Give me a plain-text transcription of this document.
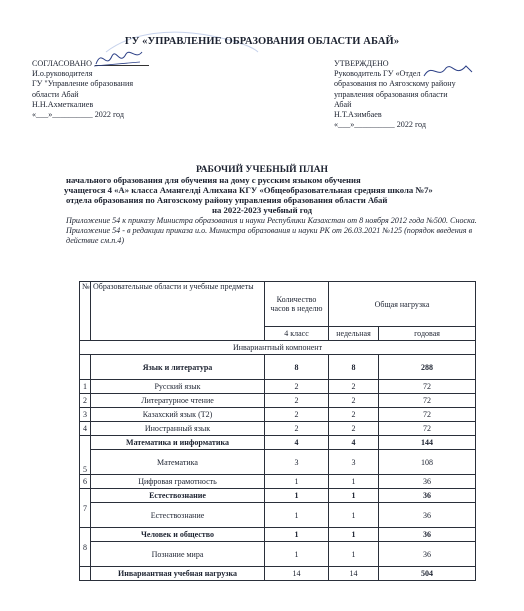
ГУ «УПРАВЛЕНИЕ ОБРАЗОВАНИЯ ОБЛАСТИ АБАЙ»
СОГЛАСОВАНО
И.о.руководителя
ГУ "Управление образования
области Абай
Н.Н.Ахметкалиев
«___»__________ 2022 год
УТВЕРЖДЕНО
Руководитель ГУ «Отдел
образования по Аягозскому району
управления образования области
Абай
Н.Т.Азимбаев
«___»__________ 2022 год
РАБОЧИЙ УЧЕБНЫЙ ПЛАН
начального образования для обучения на дому с русским языком обучения
учащегося 4 «А» класса Амангелді Алихана КГУ «Общеобразовательная средняя школа №7»
отдела образования по Аягозскому району управления образования области Абай
на 2022-2023 учебный год
Приложение 54 к приказу Министра образования и науки Республики Казахстан от 8 ноября 2012 года №500. Сноска. Приложение 54 - в редакции приказа и.о. Министра образования и науки РК от 26.03.2021 №125 (порядок введения в действие см.п.4)
№	Образовательные области и учебные предметы	Количество часов в неделю	Общая нагрузка	
		4 класс	недельная	годовая
Инвариантный компонент				
	Язык и литература	8	8	288
1	Русский язык	2	2	72
2	Литературное чтение	2	2	72
3	Казахский язык (Т2)	2	2	72
4	Иностранный язык	2	2	72
5	Математика и информатика	4	4	144
	Математика	3	3	108
6	Цифровая грамотность	1	1	36
7	Естествознание	1	1	36
	Естествознание	1	1	36
8	Человек и общество	1	1	36
	Познание мира	1	1	36
	Инвариантная учебная нагрузка	14	14	504
